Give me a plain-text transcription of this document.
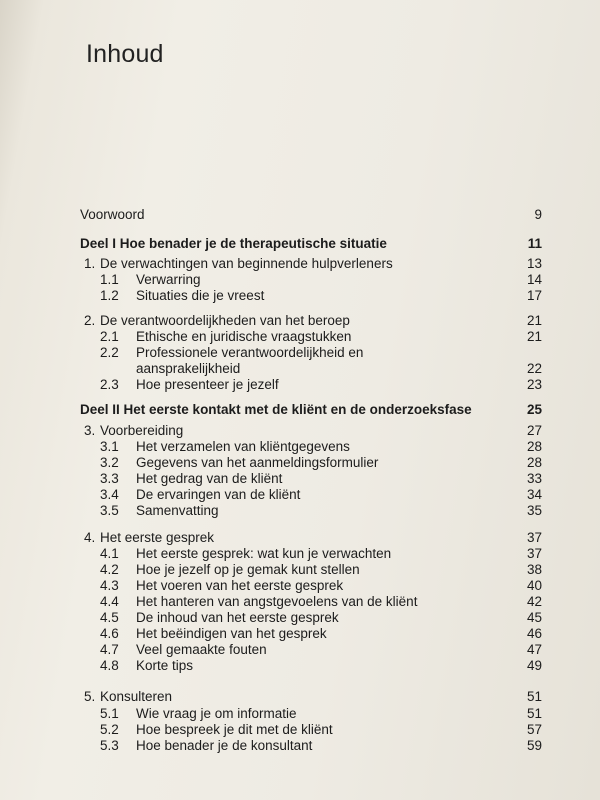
Inhoud
Voorwoord	9
Deel I Hoe benader je de therapeutische situatie	11
1. De verwachtingen van beginnende hulpverleners	13
1.1 Verwarring	14
1.2 Situaties die je vreest	17
2. De verantwoordelijkheden van het beroep	21
2.1 Ethische en juridische vraagstukken	21
2.2 Professionele verantwoordelijkheid en
aansprakelijkheid	22
2.3 Hoe presenteer je jezelf	23
Deel II Het eerste kontakt met de kliënt en de onderzoeksfase	25
3. Voorbereiding	27
3.1 Het verzamelen van kliëntgegevens	28
3.2 Gegevens van het aanmeldingsformulier	28
3.3 Het gedrag van de kliënt	33
3.4 De ervaringen van de kliënt	34
3.5 Samenvatting	35
4. Het eerste gesprek	37
4.1 Het eerste gesprek: wat kun je verwachten	37
4.2 Hoe je jezelf op je gemak kunt stellen	38
4.3 Het voeren van het eerste gesprek	40
4.4 Het hanteren van angstgevoelens van de kliënt	42
4.5 De inhoud van het eerste gesprek	45
4.6 Het beëindigen van het gesprek	46
4.7 Veel gemaakte fouten	47
4.8 Korte tips	49
5. Konsulteren	51
5.1 Wie vraag je om informatie	51
5.2 Hoe bespreek je dit met de kliënt	57
5.3 Hoe benader je de konsultant	59
